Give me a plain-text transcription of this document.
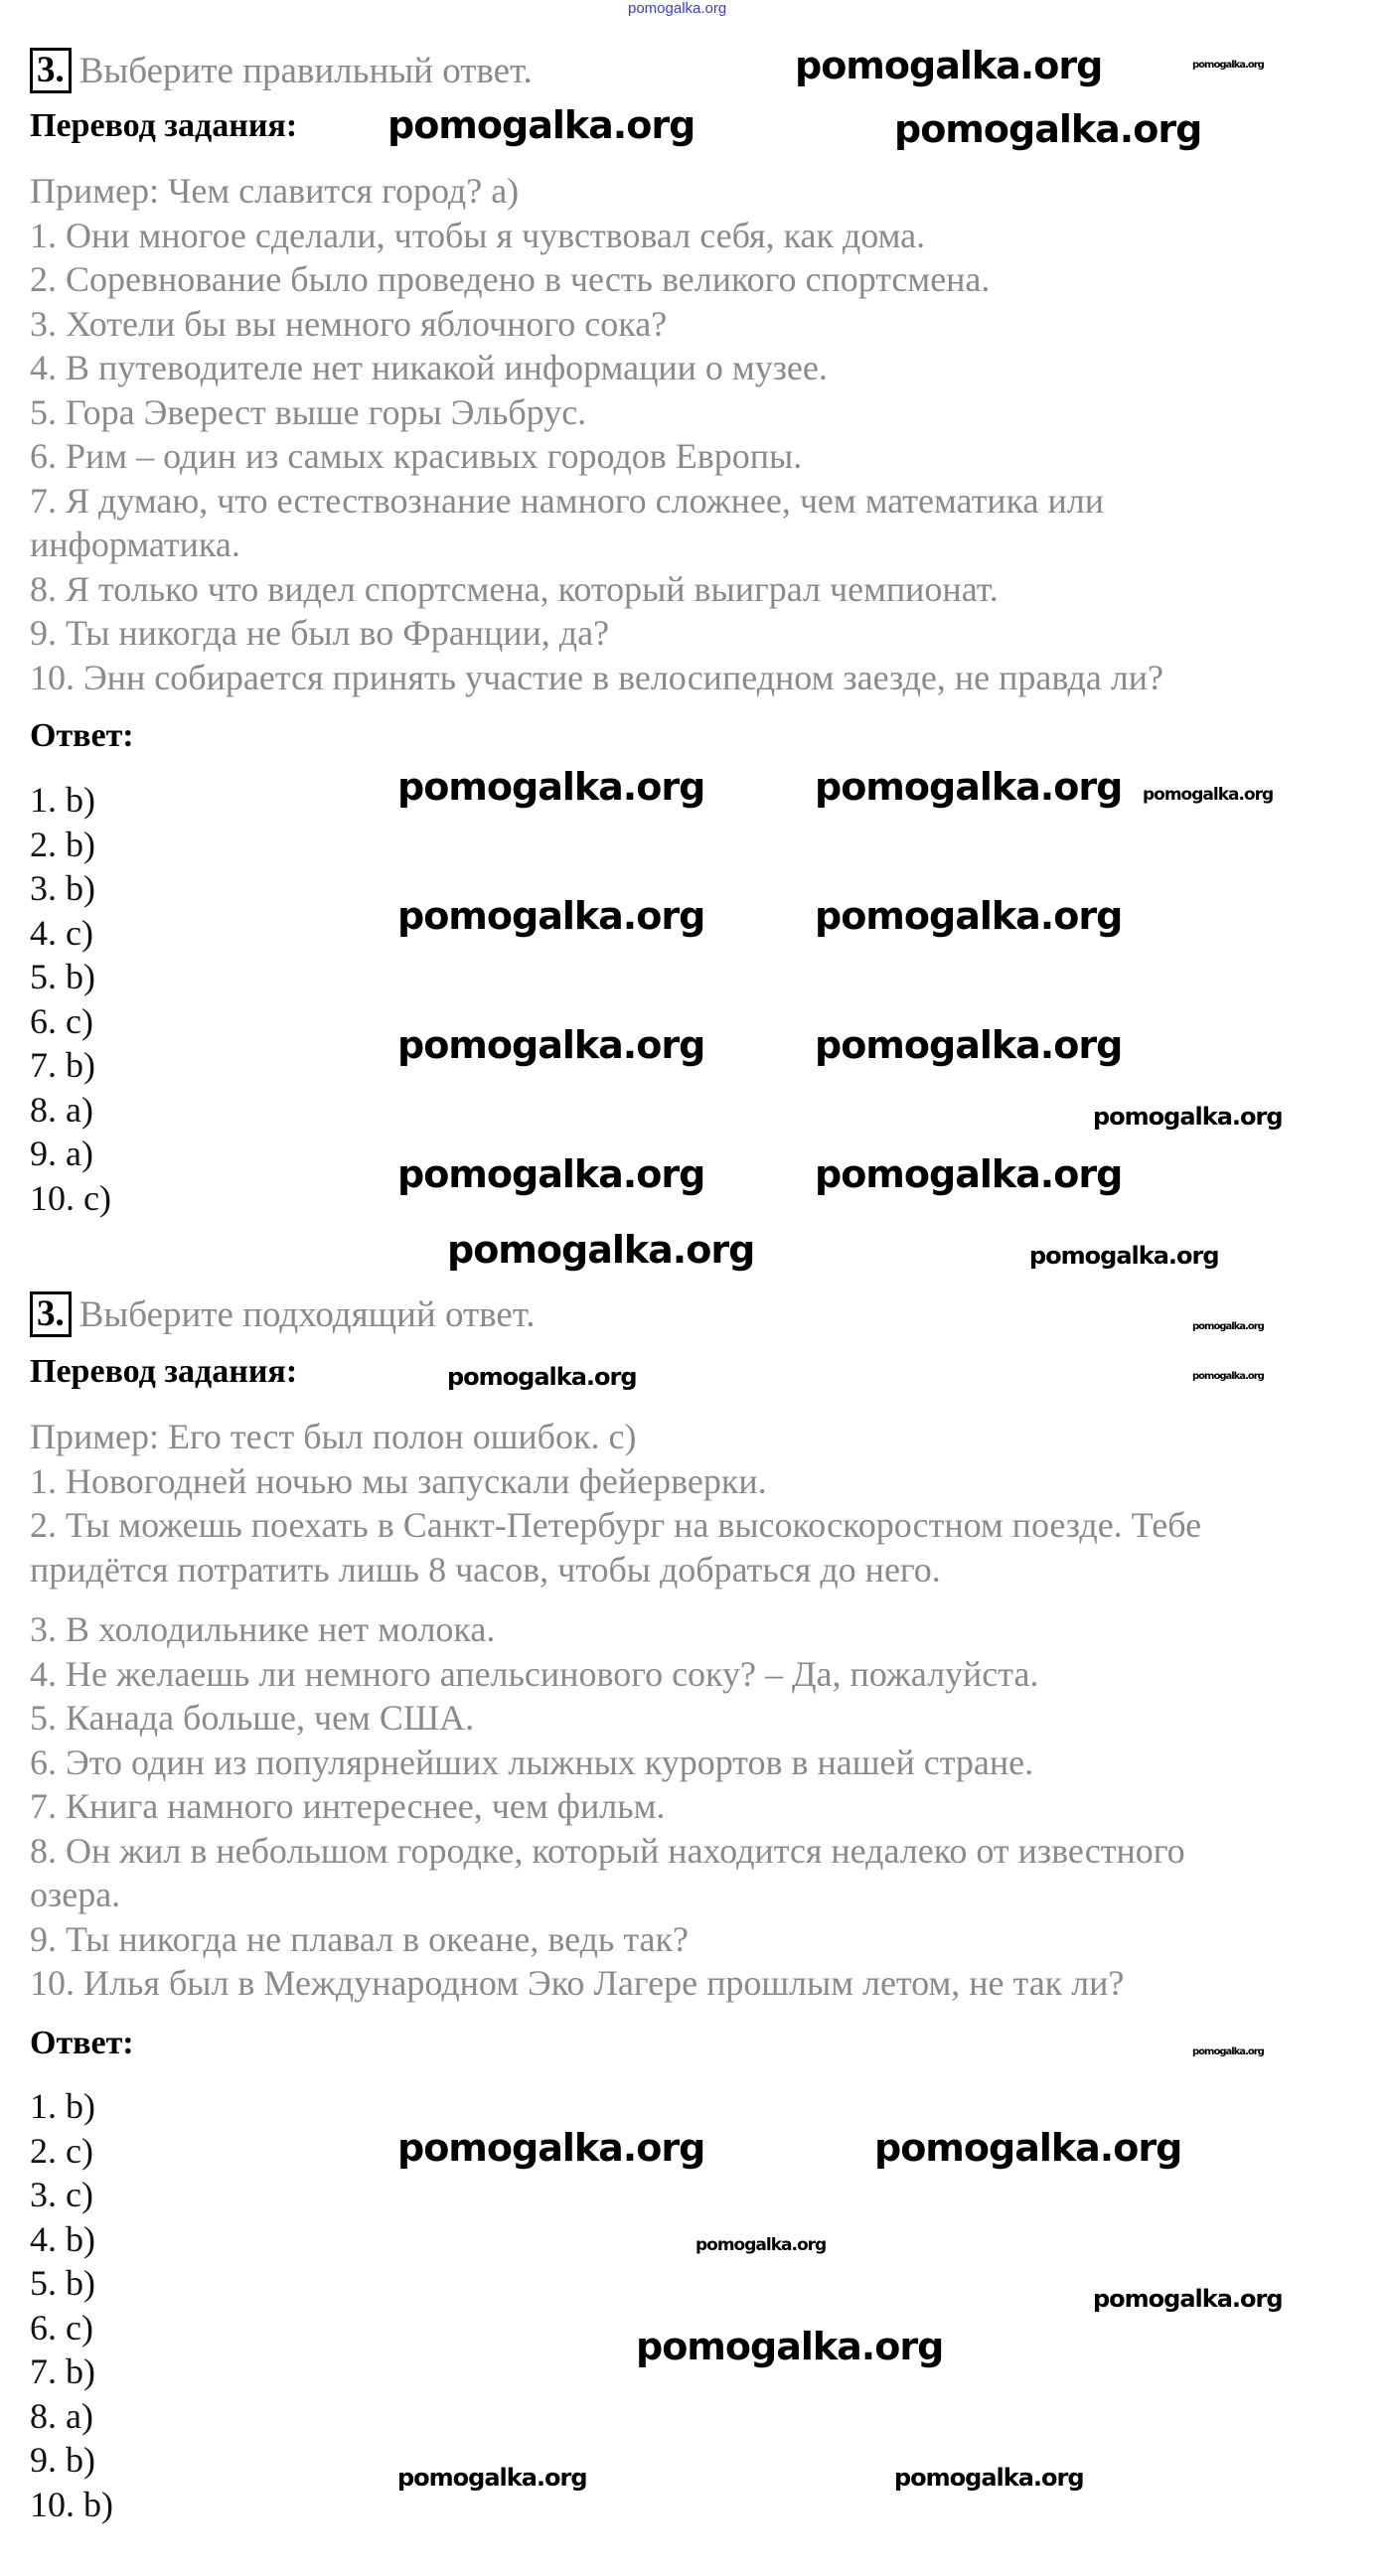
pomogalka.org
3. Выберите правильный ответ.
Перевод задания:
Пример: Чем славится город? а)
1. Они многое сделали, чтобы я чувствовал себя, как дома.
2. Соревнование было проведено в честь великого спортсмена.
3. Хотели бы вы немного яблочного сока?
4. В путеводителе нет никакой информации о музее.
5. Гора Эверест выше горы Эльбрус.
6. Рим – один из самых красивых городов Европы.
7. Я думаю, что естествознание намного сложнее, чем математика или
информатика.
8. Я только что видел спортсмена, который выиграл чемпионат.
9. Ты никогда не был во Франции, да?
10. Энн собирается принять участие в велосипедном заезде, не правда ли?
Ответ:
1. b)
2. b)
3. b)
4. c)
5. b)
6. c)
7. b)
8. a)
9. a)
10. c)
3. Выберите подходящий ответ.
Перевод задания:
Пример: Его тест был полон ошибок. c)
1. Новогодней ночью мы запускали фейерверки.
2. Ты можешь поехать в Санкт-Петербург на высокоскоростном поезде. Тебе
придётся потратить лишь 8 часов, чтобы добраться до него.
3. В холодильнике нет молока.
4. Не желаешь ли немного апельсинового соку? – Да, пожалуйста.
5. Канада больше, чем США.
6. Это один из популярнейших лыжных курортов в нашей стране.
7. Книга намного интереснее, чем фильм.
8. Он жил в небольшом городке, который находится недалеко от известного
озера.
9. Ты никогда не плавал в океане, ведь так?
10. Илья был в Международном Эко Лагере прошлым летом, не так ли?
Ответ:
1. b)
2. c)
3. c)
4. b)
5. b)
6. c)
7. b)
8. a)
9. b)
10. b)
pomogalka.org
pomogalka.org	pomogalka.org
pomogalka.org	pomogalka.org
pomogalka.org	pomogalka.org
pomogalka.org	pomogalka.org
pomogalka.org	pomogalka.org
pomogalka.org
pomogalka.org	pomogalka.org
pomogalka.org
pomogalka.org
pomogalka.org
pomogalka.org
pomogalka.org	pomogalka.org
pomogalka.org
pomogalka.org
pomogalka.org
pomogalka.org
pomogalka.org
pomogalka.org
pomogalka.org
